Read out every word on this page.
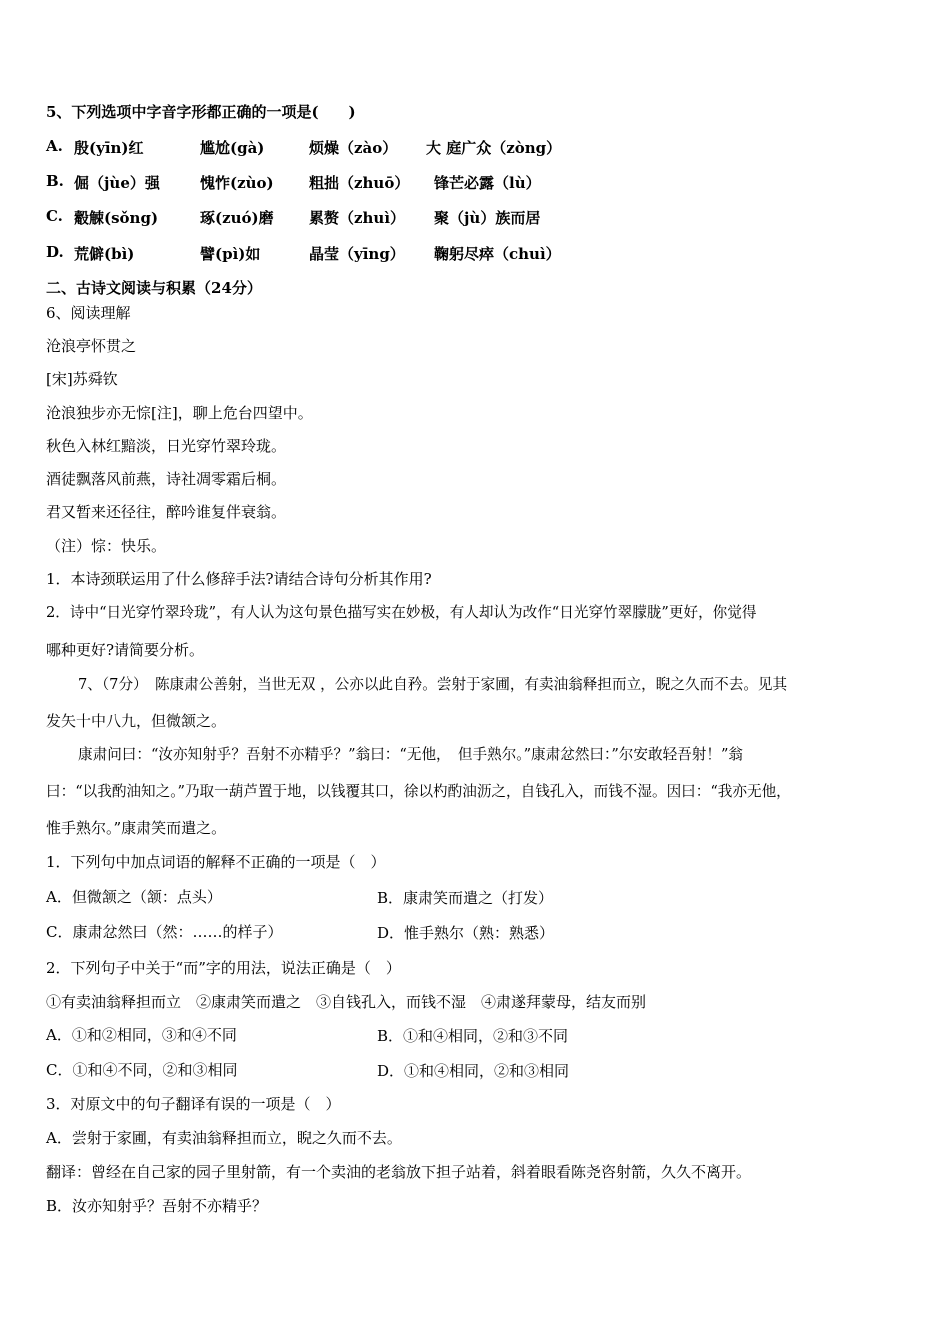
5、下列选项中字音字形都正确的一项是(　　)
A. 殷(yīn)红	尴尬(gà)	烦燥（zào） 大 庭广众（zòng）
B. 倔（jùe）强	愧怍(zùo) 粗拙（zhuō） 锋芒必露（lù）
C. 觳觫(sǒng)	琢(zuó)磨 累赘（zhuì） 聚（jù）族而居
D. 荒僻(bì)	譬(pì)如	晶莹（yīng） 鞠躬尽瘁（chuì）
二、古诗文阅读与积累（24分）
6、阅读理解
沧浪亭怀贯之
[宋]苏舜钦
沧浪独步亦无悰[注]，聊上危台四望中。
秋色入林红黯淡，日光穿竹翠玲珑。
酒徒飘落风前燕，诗社凋零霜后桐。
君又暂来还径往，醉吟谁复伴衰翁。
（注）悰：快乐。
1．本诗颈联运用了什么修辞手法?请结合诗句分析其作用?
2．诗中“日光穿竹翠玲珑”，有人认为这句景色描写实在妙极，有人却认为改作“日光穿竹翠朦胧”更好，你觉得
哪种更好?请简要分析。
7、（7分）　陈康肃公善射，当世无双 ，公亦以此自矜。尝射于家圃，有卖油翁释担而立，睨之久而不去。见其
发矢十中八九，但微颔之。
康肃问曰：“汝亦知射乎？吾射不亦精乎？”翁曰：“无他，　但手熟尔。”康肃忿然曰：”尔安敢轻吾射！”翁
曰：“以我酌油知之。”乃取一葫芦置于地，以钱覆其口，徐以杓酌油沥之，自钱孔入，而钱不湿。因曰：“我亦无他，
惟手熟尔。”康肃笑而遣之。
1．下列句中加点词语的解释不正确的一项是（　）
A．但微颔之（颔：点头）	B．康肃笑而遣之（打发）
C．康肃忿然曰（然：……的样子）	D．惟手熟尔（熟：熟悉）
2．下列句子中关于“而”字的用法，说法正确是（　）
①有卖油翁释担而立　②康肃笑而遣之　③自钱孔入，而钱不湿　④肃遂拜蒙母，结友而别
A．①和②相同，③和④不同	B．①和④相同，②和③不同
C．①和④不同，②和③相同	D．①和④相同，②和③相同
3．对原文中的句子翻译有误的一项是（　）
A．尝射于家圃，有卖油翁释担而立，睨之久而不去。
翻译：曾经在自己家的园子里射箭，有一个卖油的老翁放下担子站着，斜着眼看陈尧咨射箭，久久不离开。
B．汝亦知射乎？吾射不亦精乎？
